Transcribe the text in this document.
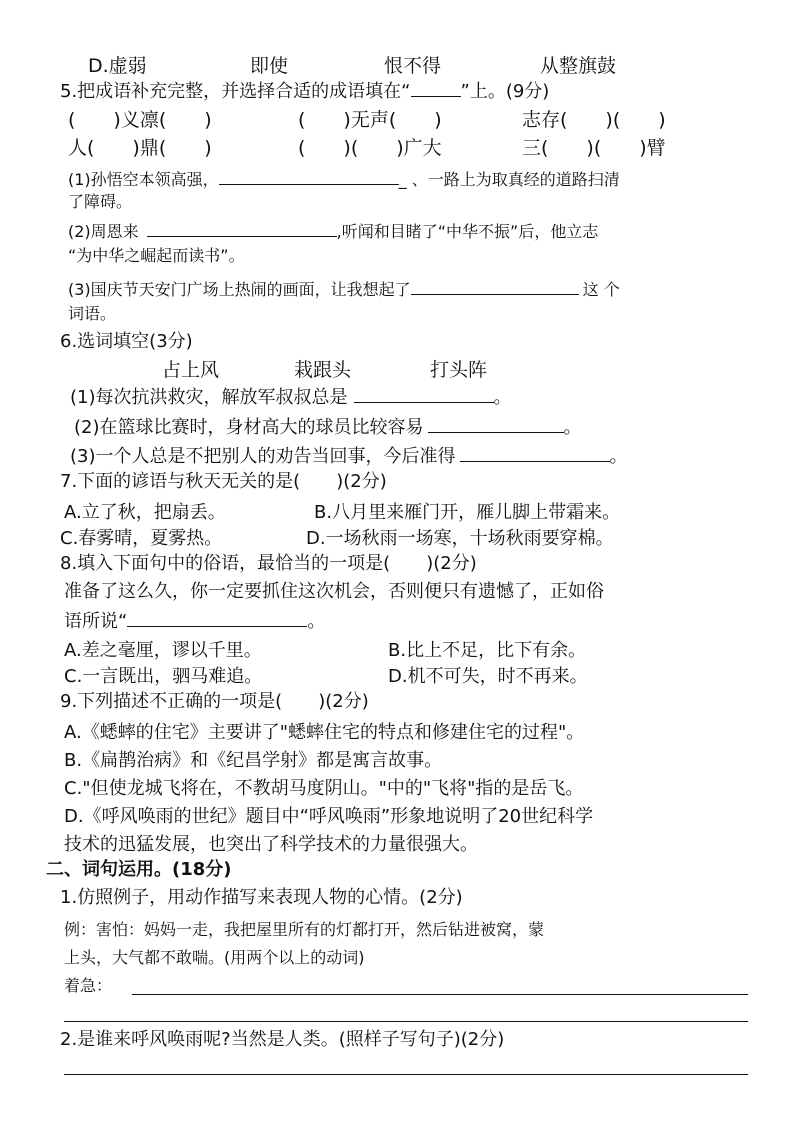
D.虚弱	即使	恨不得	从整旗鼓
5.把成语补充完整，并选择合适的成语填在“	”上。(9分)
(　　)义凛(　　)	(　　)无声(　　)	志存(　　)(　　)
人(　　)鼎(　　)	(　　)(　　)广大	三(　　)(　　)臂
(1)孙悟空本领高强，	_ 、一路上为取真经的道路扫清
了障碍。
(2)周恩来	,听闻和目睹了“中华不振”后，他立志
“为中华之崛起而读书”。
(3)国庆节天安门广场上热闹的画面，让我想起了	这 个
词语。
6.选词填空(3分)
占上风	栽跟头	打头阵
(1)每次抗洪救灾，解放军叔叔总是	。
(2)在篮球比赛时，身材高大的球员比较容易	。
(3)一个人总是不把别人的劝告当回事，今后准得	。
7.下面的谚语与秋天无关的是(　　)(2分)
A.立了秋，把扇丢。	B.八月里来雁门开，雁儿脚上带霜来。
C.春雾晴，夏雾热。	D.一场秋雨一场寒，十场秋雨要穿棉。
8.填入下面句中的俗语，最恰当的一项是(　　)(2分)
准备了这么久，你一定要抓住这次机会，否则便只有遗憾了，正如俗
语所说“	。
A.差之毫厘，谬以千里。	B.比上不足，比下有余。
C.一言既出，驷马难追。	D.机不可失，时不再来。
9.下列描述不正确的一项是(　　)(2分)
A.《蟋蟀的住宅》主要讲了"蟋蟀住宅的特点和修建住宅的过程"。
B.《扁鹊治病》和《纪昌学射》都是寓言故事。
C."但使龙城飞将在，不教胡马度阴山。"中的"飞将"指的是岳飞。
D.《呼风唤雨的世纪》题目中“呼风唤雨”形象地说明了20世纪科学
技术的迅猛发展，也突出了科学技术的力量很强大。
二、词句运用。(18分)
1.仿照例子，用动作描写来表现人物的心情。(2分)
例：害怕：妈妈一走，我把屋里所有的灯都打开，然后钻进被窝，蒙
上头，大气都不敢喘。(用两个以上的动词)
着急：
2.是谁来呼风唤雨呢?当然是人类。(照样子写句子)(2分)
